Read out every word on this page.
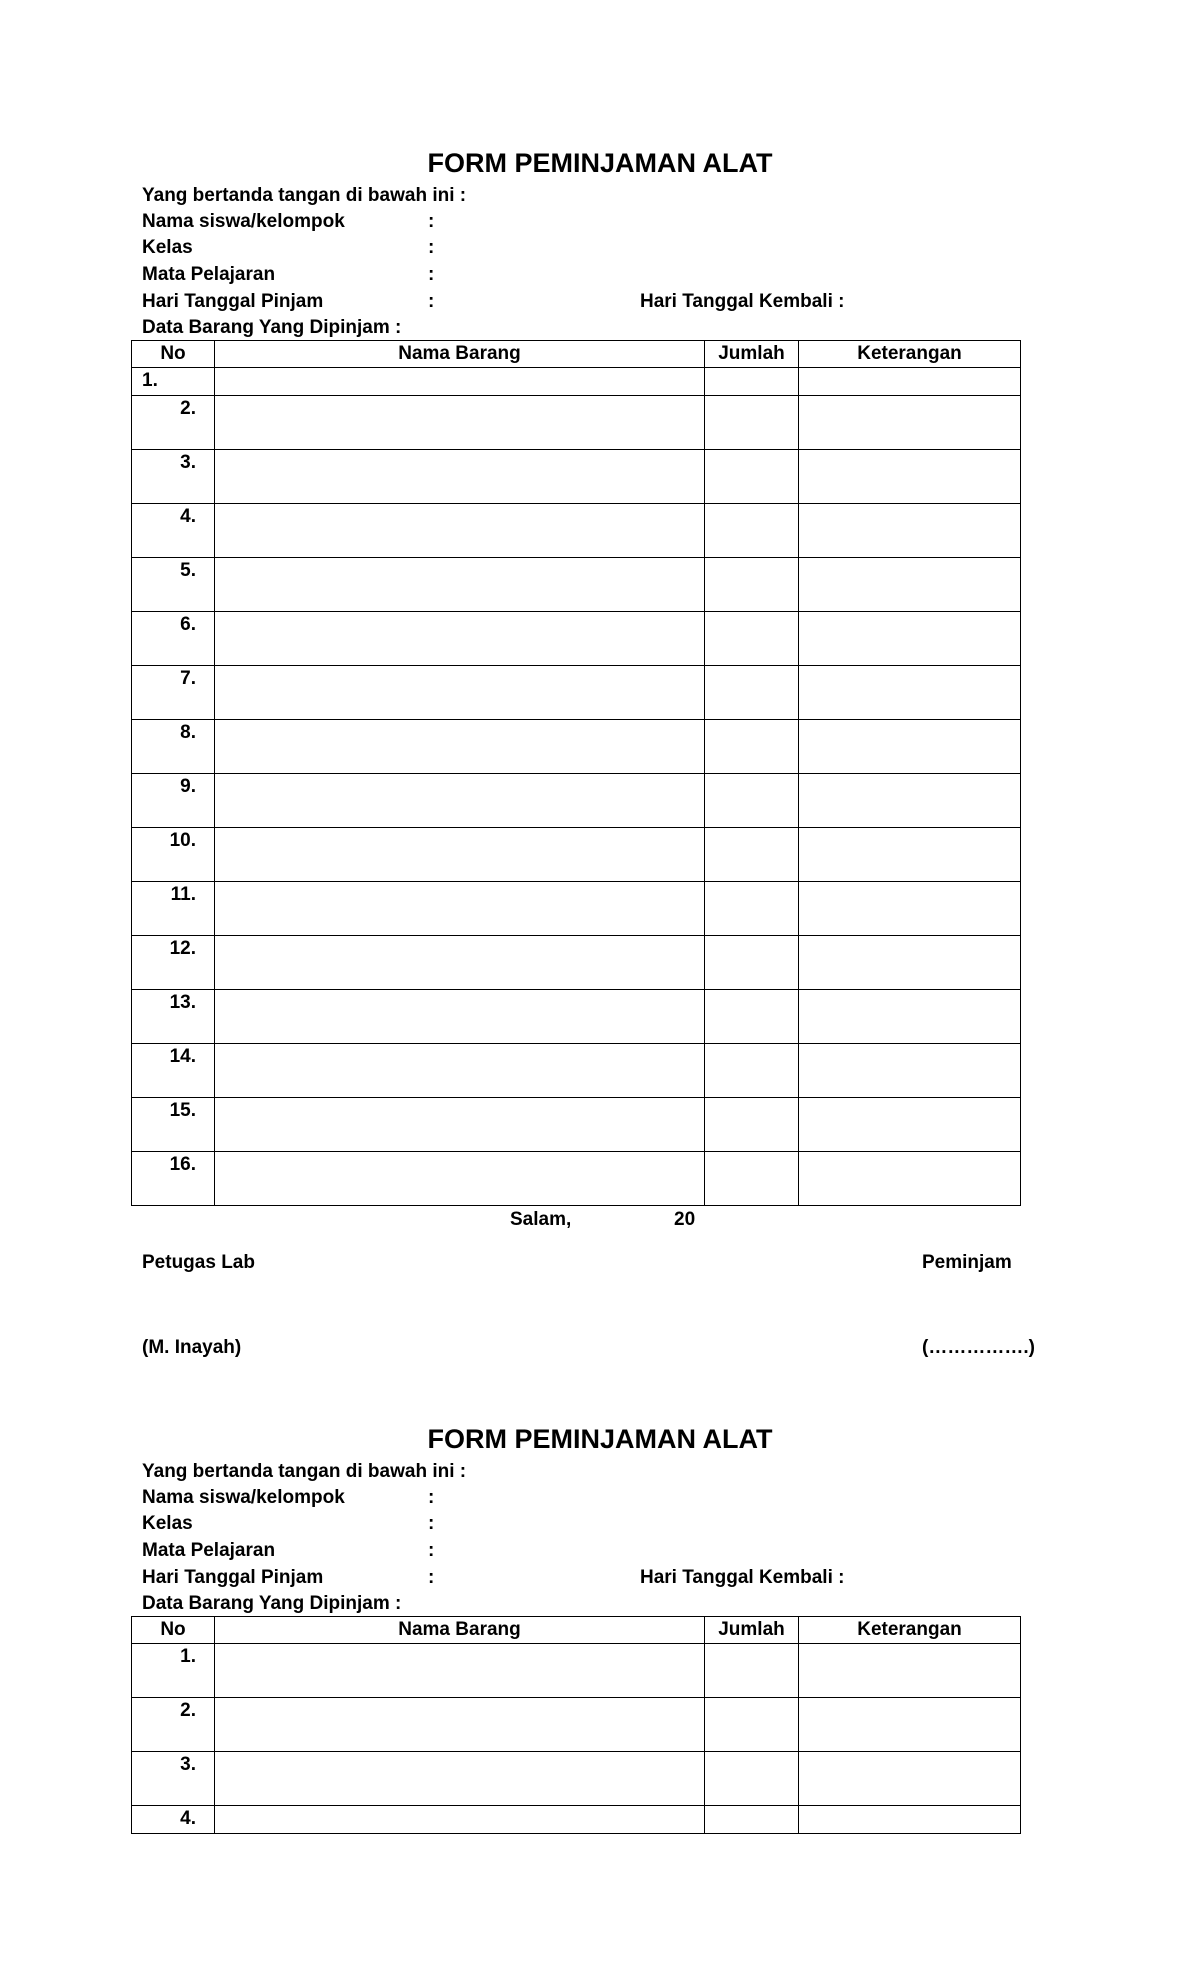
FORM PEMINJAMAN ALAT
Yang bertanda tangan di bawah ini :
Nama siswa/kelompok	:
Kelas	:
Mata Pelajaran	:
Hari Tanggal Pinjam	:	Hari Tanggal Kembali :
Data Barang Yang Dipinjam :
No	Nama Barang	Jumlah	Keterangan
1.			
2.			
3.			
4.			
5.			
6.			
7.			
8.			
9.			
10.			
11.			
12.			
13.			
14.			
15.			
16.			
Salam,	20
Petugas Lab	Peminjam
(M. Inayah)	(…………….)
FORM PEMINJAMAN ALAT
Yang bertanda tangan di bawah ini :
Nama siswa/kelompok	:
Kelas	:
Mata Pelajaran	:
Hari Tanggal Pinjam	:	Hari Tanggal Kembali :
Data Barang Yang Dipinjam :
No	Nama Barang	Jumlah	Keterangan
1.			
2.			
3.			
4.			
